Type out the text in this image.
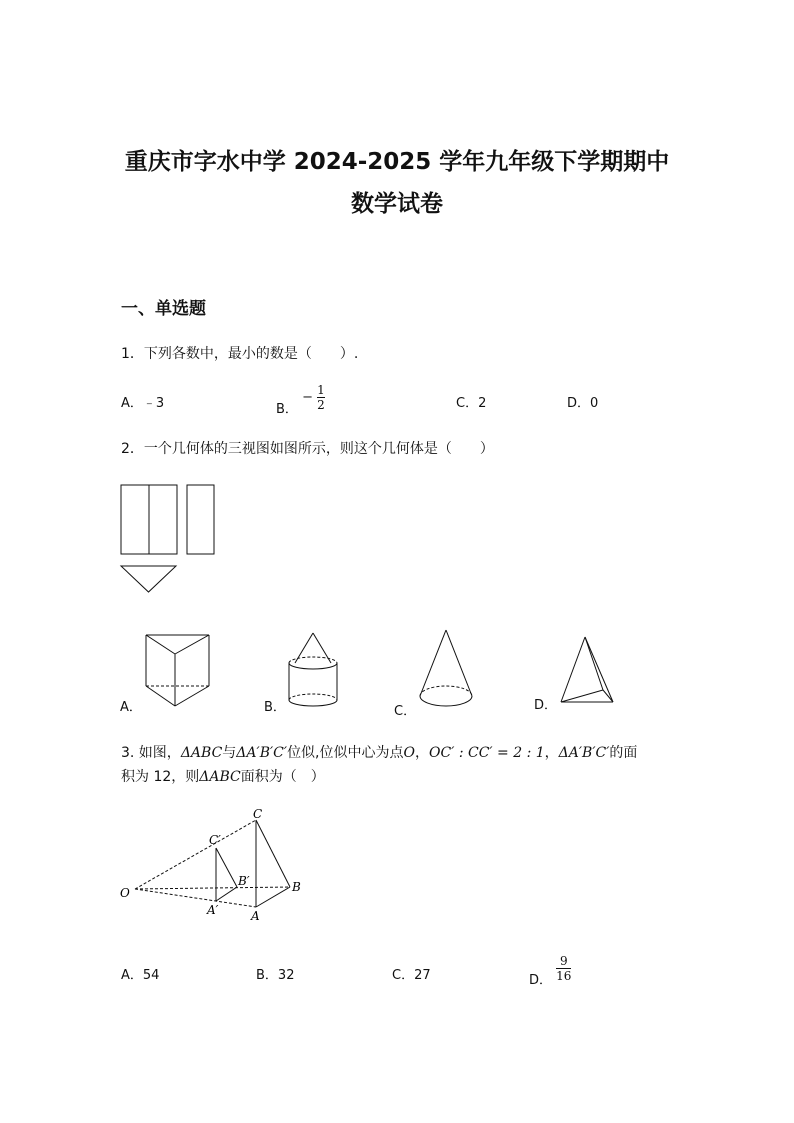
重庆市字水中学 2024-2025 学年九年级下学期期中
数学试卷
一、单选题
1．下列各数中，最小的数是（　　）.
A．﹣3	B． − $\frac{1}{2}$	C．2	D．0
2．一个几何体的三视图如图所示，则这个几何体是（　　）
A．	B．	C．	D．
3. 如图，ΔABC与ΔA′B′C′位似,位似中心为点O，OC′ : CC′ = 2 : 1，ΔA′B′C′的面
积为 12，则ΔABC面积为（　）
C
C′
O
B′	B
A′	A
A．54	B．32	C．27	D． $\frac{9}{16}$
